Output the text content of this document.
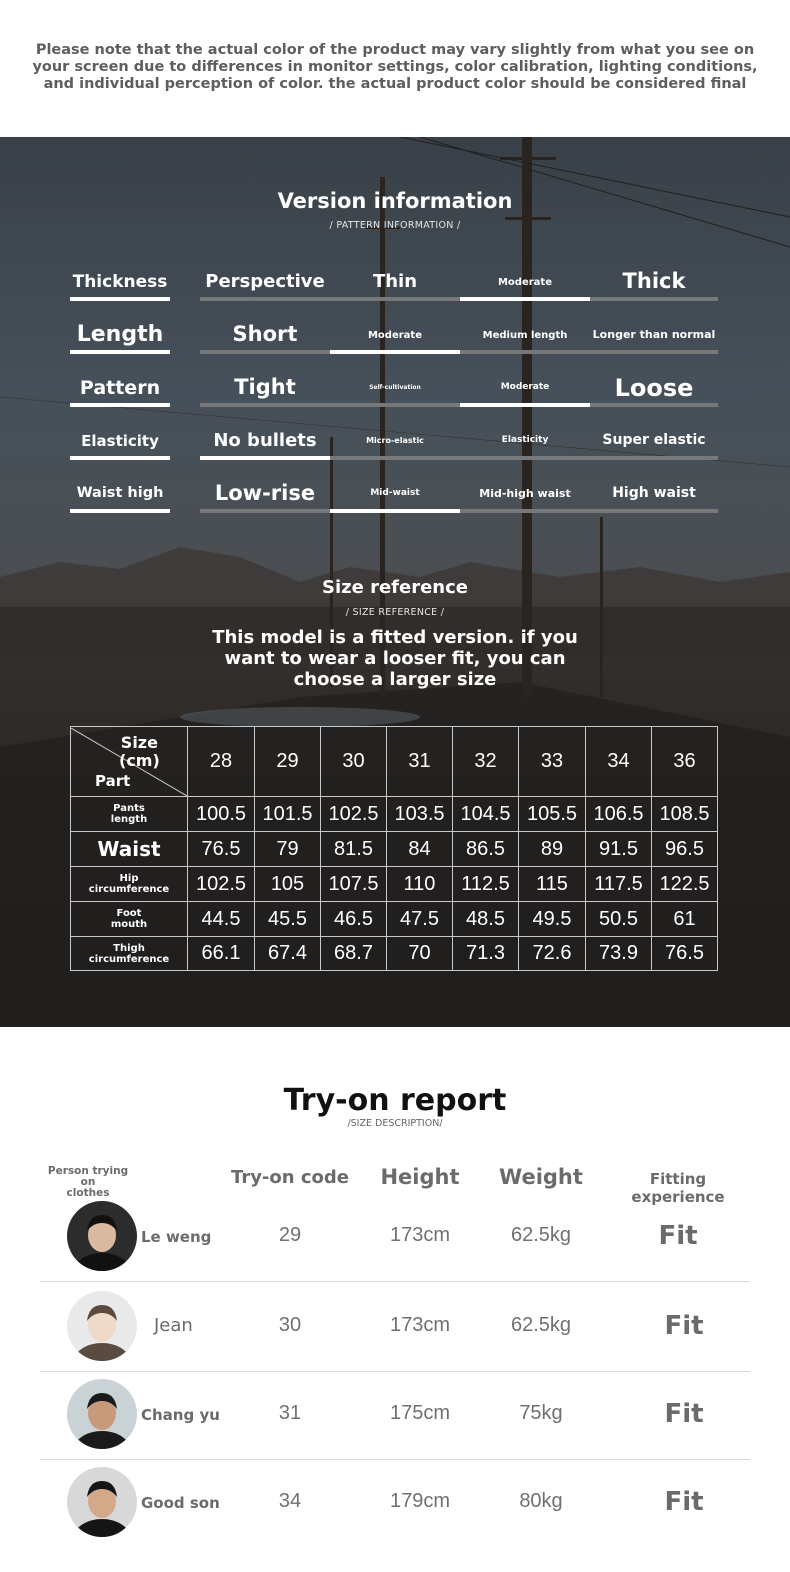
Please note that the actual color of the product may vary slightly from what you see on your screen due to differences in monitor settings, color calibration, lighting conditions, and individual perception of color. the actual product color should be considered final
Version information
/ PATTERN INFORMATION /
Thickness Perspective	Thin	Moderate	Thick
Length	Short	Moderate	Medium length	Longer than normal
Pattern	Tight	Self-cultivation	Moderate	Loose
Elasticity	No bullets	Micro-elastic	Elasticity	Super elastic
Waist high	Low-rise	Mid-waist	Mid-high waist	High waist
Size reference
/ SIZE REFERENCE /
This model is a fitted version. if you want to wear a looser fit, you can choose a larger size
Size
(cm)
Part	28	29	30	31	32	33	34	36
Pants
length	100.5	101.5	102.5	103.5	104.5	105.5	106.5	108.5
Waist	76.5	79	81.5	84	86.5	89	91.5	96.5
Hip
circumference	102.5	105	107.5	110	112.5	115	117.5	122.5
Foot
mouth	44.5	45.5	46.5	47.5	48.5	49.5	50.5	61
Thigh
circumference	66.1	67.4	68.7	70	71.3	72.6	73.9	76.5
Try-on report
/SIZE DESCRIPTION/
Person trying on
clothes
Try-on code	Height	Weight	Fitting experience
Le weng	29	173cm	62.5kg	Fit
Jean	30	173cm	62.5kg	Fit
Chang yu	31	175cm	75kg	Fit
Good son	34	179cm	80kg	Fit
